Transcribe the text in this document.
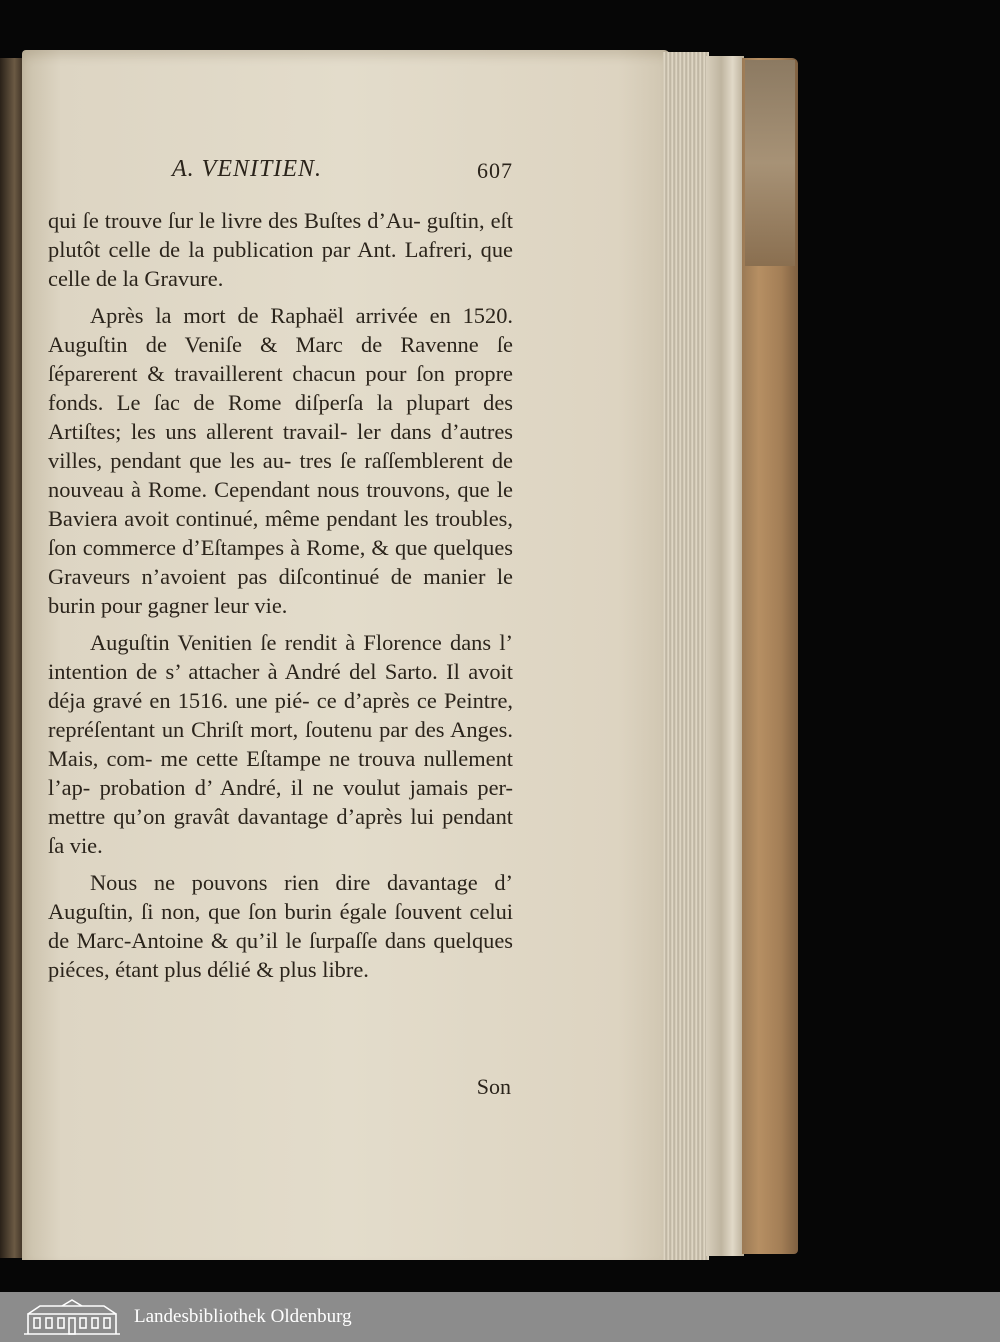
A. VENITIEN.	607

qui ſe trouve ſur le livre des Buſtes d’Au- guſtin, eſt plutôt celle de la publication par Ant. Lafreri, que celle de la Gravure.

Après la mort de Raphaël arrivée en 1520. Auguſtin de Veniſe & Marc de Ravenne ſe ſéparerent & travaillerent chacun pour ſon propre fonds. Le ſac de Rome diſperſa la plupart des Artiſtes; les uns allerent travail- ler dans d’autres villes, pendant que les au- tres ſe raſſemblerent de nouveau à Rome. Cependant nous trouvons, que le Baviera avoit continué, même pendant les troubles, ſon commerce d’Eſtampes à Rome, & que quelques Graveurs n’avoient pas diſcontinué de manier le burin pour gagner leur vie.

Auguſtin Venitien ſe rendit à Florence dans l’ intention de s’ attacher à André del Sarto. Il avoit déja gravé en 1516. une pié- ce d’après ce Peintre, repréſentant un Chriſt mort, ſoutenu par des Anges. Mais, com- me cette Eſtampe ne trouva nullement l’ap- probation d’ André, il ne voulut jamais per- mettre qu’on gravât davantage d’après lui pendant ſa vie.

Nous ne pouvons rien dire davantage d’ Auguſtin, ſi non, que ſon burin égale ſouvent celui de Marc-Antoine & qu’il le ſurpaſſe dans quelques piéces, étant plus délié & plus libre.

Son
Landesbibliothek Oldenburg
